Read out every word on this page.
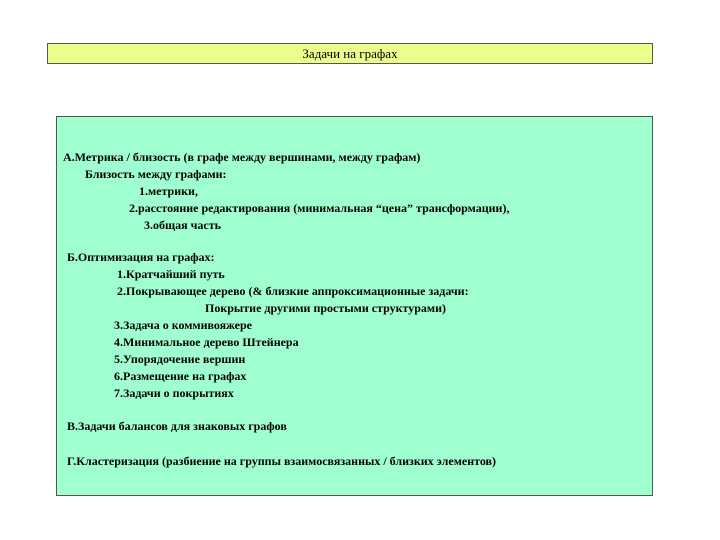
Задачи на графах
А.Метрика / близость (в графе между вершинами, между графам)
Близость между графами:
1.метрики,
2.расстояние редактирования (минимальная “цена” трансформации),
3.общая часть
Б.Оптимизация на графах:
1.Кратчайший путь
2.Покрывающее дерево (& близкие аппроксимационные задачи:
Покрытие другими простыми структурами)
3.Задача о коммивояжере
4.Минимальное дерево Штейнера
5.Упорядочение вершин
6.Размещение на графах
7.Задачи о покрытиях
В.Задачи балансов для знаковых графов
Г.Кластеризация (разбиение на группы взаимосвязанных / близких элементов)
